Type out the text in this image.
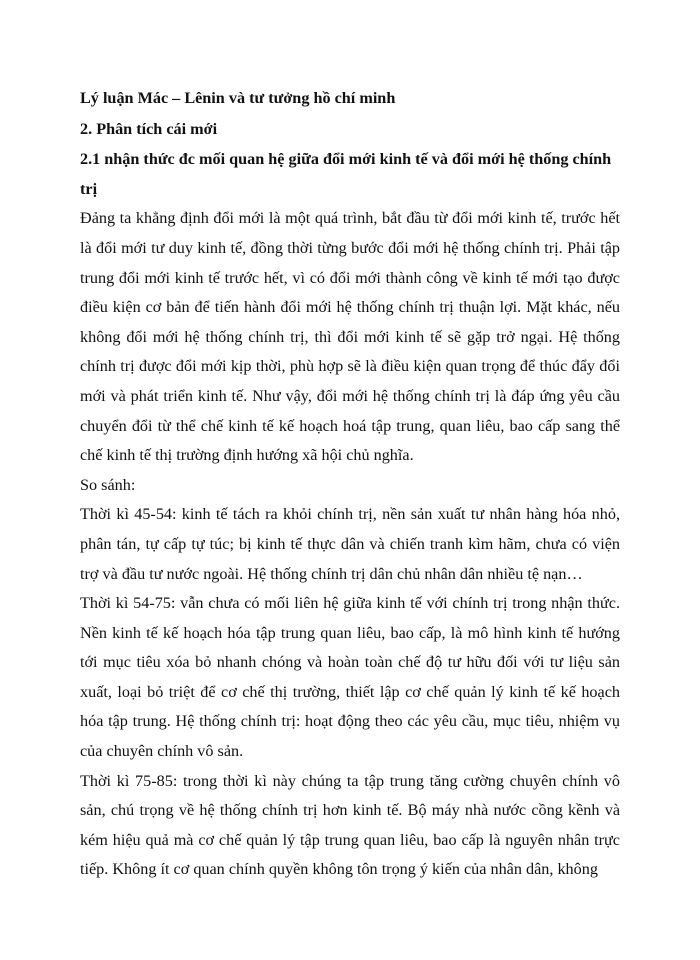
Lý luận Mác – Lênin và tư tưởng hồ chí minh

2. Phân tích cái mới

2.1 nhận thức đc mối quan hệ giữa đổi mới kinh tế và đổi mới hệ thống chính trị

Đảng ta khẳng định đổi mới là một quá trình, bắt đầu từ đổi mới kinh tế, trước hết là đổi mới tư duy kinh tế, đồng thời từng bước đổi mới hệ thống chính trị. Phải tập trung đổi mới kinh tế trước hết, vì có đổi mới thành công về kinh tế mới tạo được điều kiện cơ bản để tiến hành đổi mới hệ thống chính trị thuận lợi. Mặt khác, nếu không đổi mới hệ thống chính trị, thì đổi mới kinh tế sẽ gặp trở ngại. Hệ thống chính trị được đổi mới kịp thời, phù hợp sẽ là điều kiện quan trọng để thúc đẩy đổi mới và phát triển kinh tế. Như vậy, đổi mới hệ thống chính trị là đáp ứng yêu cầu chuyển đổi từ thể chế kinh tế kế hoạch hoá tập trung, quan liêu, bao cấp sang thể chế kinh tế thị trường định hướng xã hội chủ nghĩa.

So sánh:

Thời kì 45-54: kinh tế tách ra khỏi chính trị, nền sản xuất tư nhân hàng hóa nhỏ, phân tán, tự cấp tự túc; bị kinh tế thực dân và chiến tranh kìm hãm, chưa có viện trợ và đầu tư nước ngoài. Hệ thống chính trị dân chủ nhân dân nhiều tệ nạn…

Thời kì 54-75: vẫn chưa có mối liên hệ giữa kinh tế với chính trị trong nhận thức. Nền kinh tế kế hoạch hóa tập trung quan liêu, bao cấp, là mô hình kinh tế hướng tới mục tiêu xóa bỏ nhanh chóng và hoàn toàn chế độ tư hữu đối với tư liệu sản xuất, loại bỏ triệt để cơ chế thị trường, thiết lập cơ chế quản lý kinh tế kế hoạch hóa tập trung. Hệ thống chính trị: hoạt động theo các yêu cầu, mục tiêu, nhiệm vụ của chuyên chính vô sản.

Thời kì 75-85: trong thời kì này chúng ta tập trung tăng cường chuyên chính vô sản, chú trọng về hệ thống chính trị hơn kinh tế. Bộ máy nhà nước cồng kềnh và kém hiệu quả mà cơ chế quản lý tập trung quan liêu, bao cấp là nguyên nhân trực tiếp. Không ít cơ quan chính quyền không tôn trọng ý kiến của nhân dân, không
